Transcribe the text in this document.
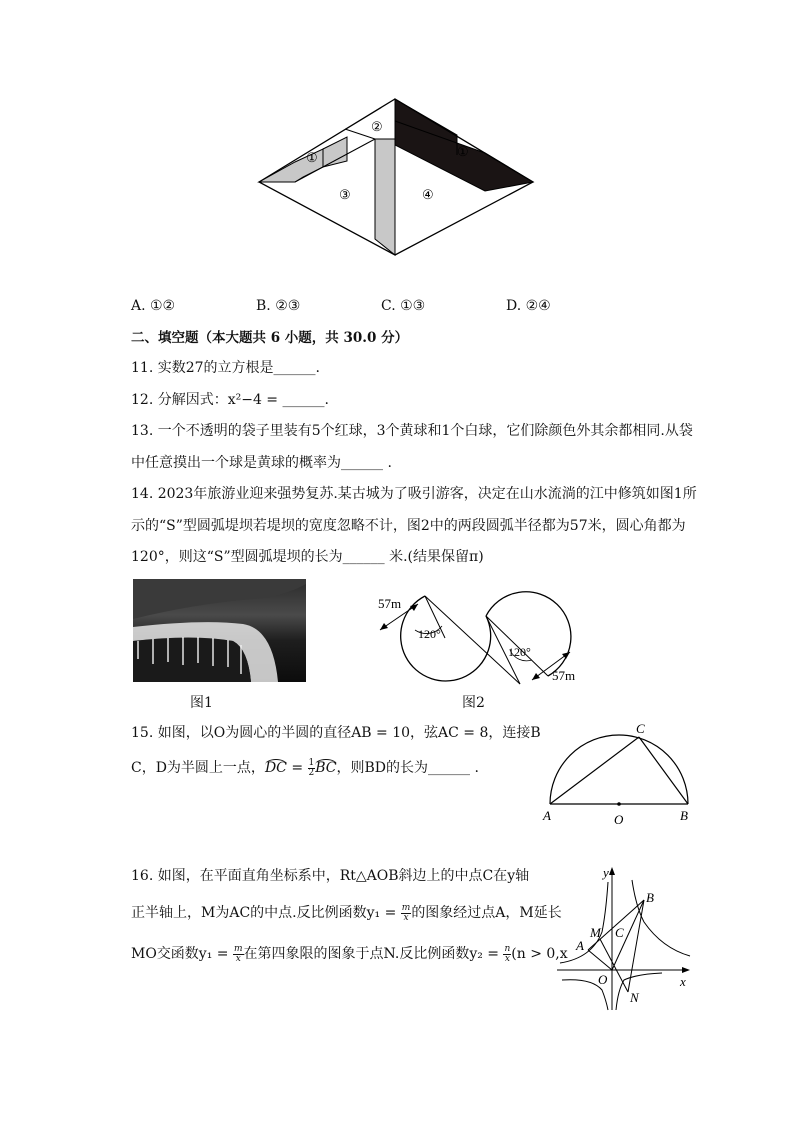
①
②
③	④
①
A. ①②	B. ②③	C. ①③	D. ②④
二、填空题（本大题共 6 小题，共 30.0 分）
11. 实数27的立方根是______.
12. 分解因式：x²−4 = ______.
13. 一个不透明的袋子里装有5个红球，3个黄球和1个白球，它们除颜色外其余都相同.从袋
中任意摸出一个球是黄球的概率为______ .
14. 2023年旅游业迎来强势复苏.某古城为了吸引游客，决定在山水流淌的江中修筑如图1所
示的“S”型圆弧堤坝若堤坝的宽度忽略不计，图2中的两段圆弧半径都为57米，圆心角都为
120°，则这“S”型圆弧堤坝的长为______ 米.(结果保留π)
图1
57m
120°
120°
57m
图2
15. 如图，以O为圆心的半圆的直径AB = 10，弦AC = 8，连接B
C，D为半圆上一点，DC = $\frac{1}{2}$ BC，则BD的长为______ .
A	O	B
C
16. 如图，在平面直角坐标系中，Rt△AOB斜边上的中点C在y轴
正半轴上，M为AC的中点.反比例函数$y_1 = \frac{m}{x}$ 的图象经过点A，M延长
MO交函数$y_1 = \frac{m}{x}$ 在第四象限的图象于点N.反比例函数$y_2 = \frac{n}{x} (n > 0,x$
y
x
B
M C
A
O
N
